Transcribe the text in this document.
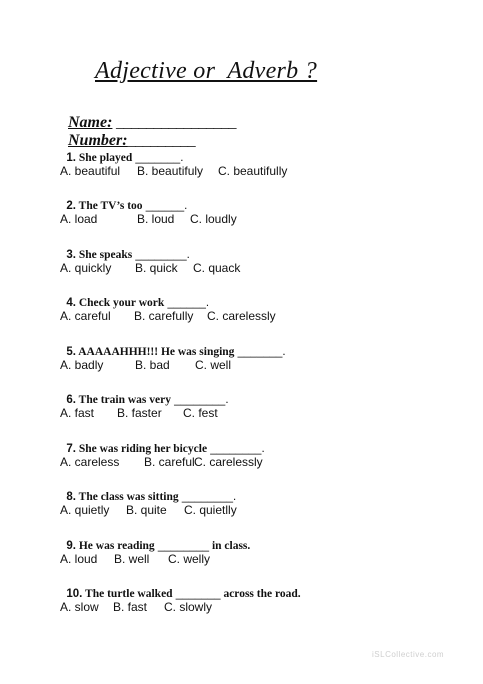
Adjective or  Adverb ?

Name: ________________

Number:_________

1. She played _______.

A. beautiful	B. beautifuly	C. beautifully

2. The TV’s too ______.

A. load	B. loud	C. loudly

3. She speaks ________.

A. quickly	B. quick	C. quack

4. Check your work ______.

A. careful	B. carefully	C. carelessly

5. AAAAAHHH!!! He was singing _______.

A. badly	B. bad	C. well

6. The train was very ________.

A. fast	B. faster	C. fest

7. She was riding her bicycle ________.

A. careless	B. careful C. carelessly

8. The class was sitting ________.

A. quietly	B. quite	C. quietlly

9. He was reading ________ in class.

A. loud	B. well	C. welly

10. The turtle walked _______ across the road.

A. slow	B. fast	C. slowly
iSLCollective.com
